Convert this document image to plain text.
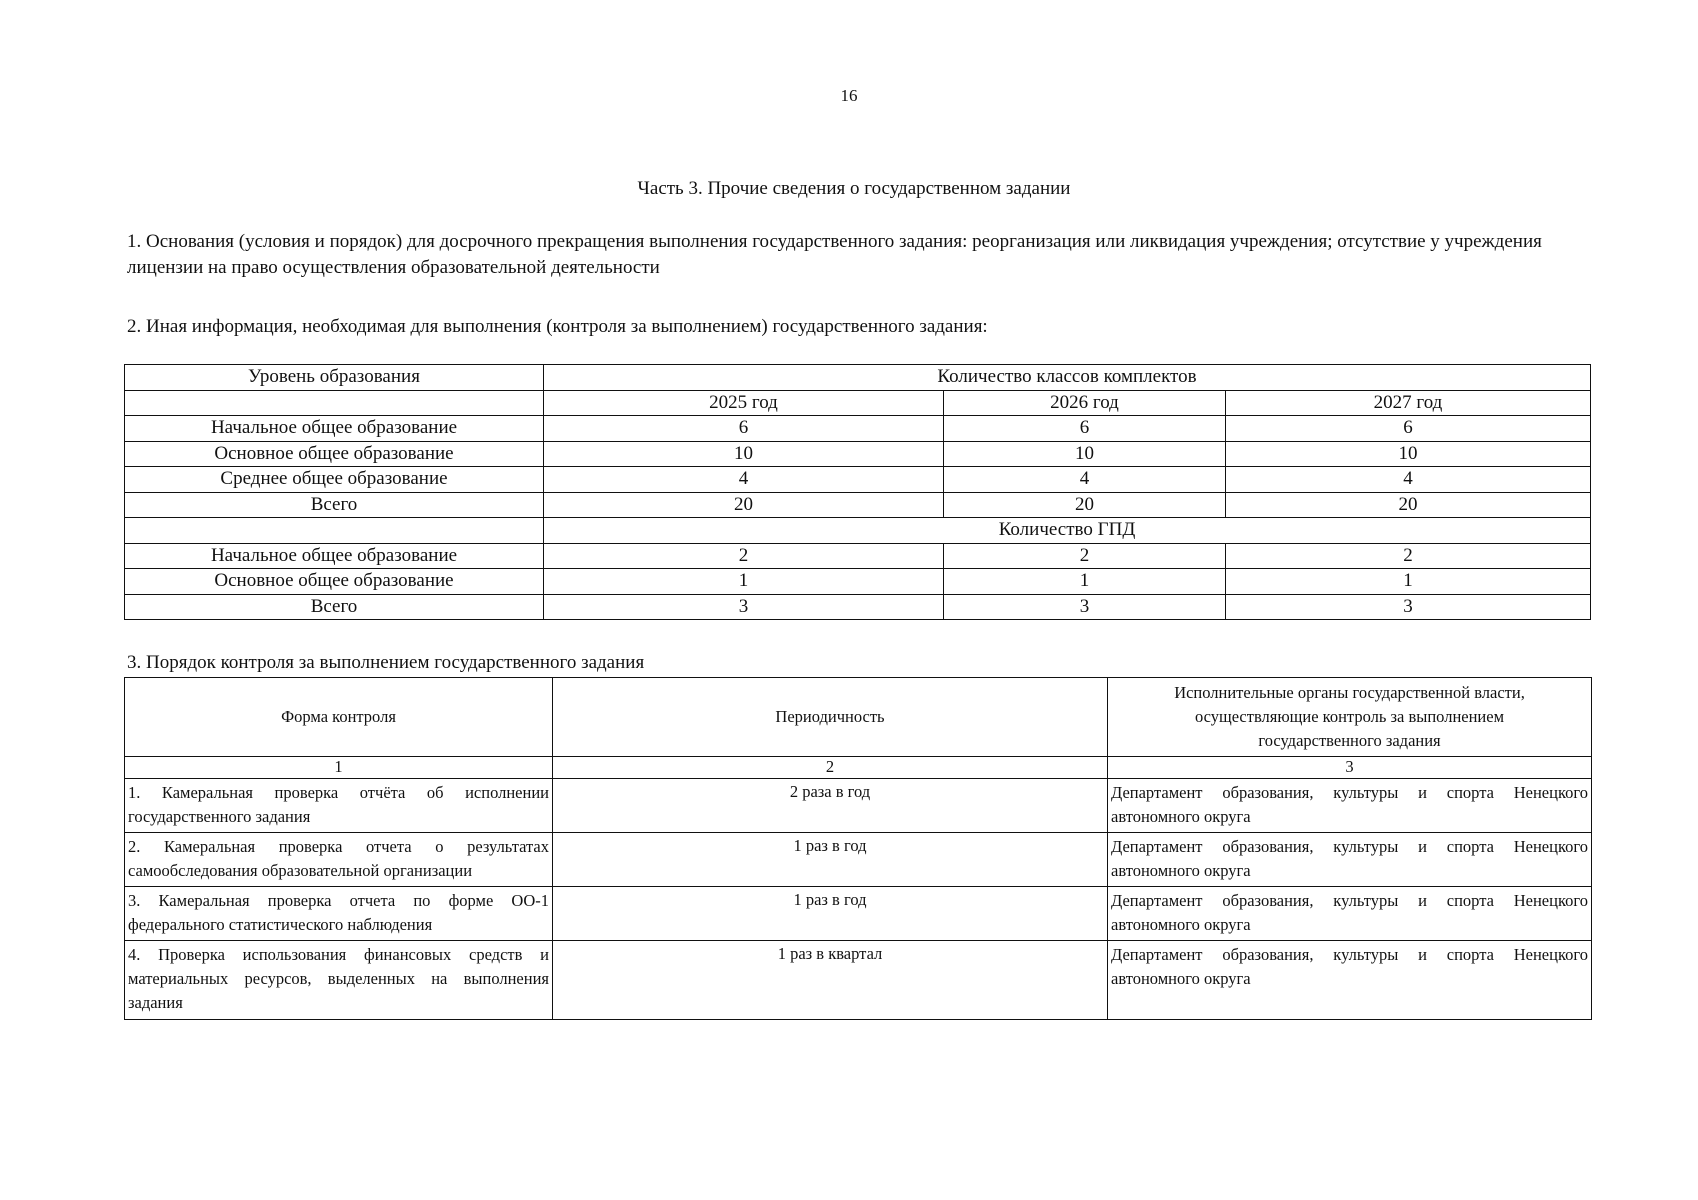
16
Часть 3. Прочие сведения о государственном задании
1. Основания (условия и порядок) для досрочного прекращения выполнения государственного задания: реорганизация или ликвидация учреждения; отсутствие у учреждения лицензии на право осуществления образовательной деятельности
2. Иная информация, необходимая для выполнения (контроля за выполнением) государственного задания:
Уровень образования	Количество классов комплектов		
	2025 год	2026 год	2027 год
Начальное общее образование	6	6	6
Основное общее образование	10	10	10
Среднее общее образование	4	4	4
Всего	20	20	20
	Количество ГПД		
Начальное общее образование	2	2	2
Основное общее образование	1	1	1
Всего	3	3	3
3. Порядок контроля за выполнением государственного задания
Форма контроля	Периодичность	Исполнительные органы государственной власти, осуществляющие контроль за выполнением государственного задания
1	2	3
1. Камеральная проверка отчёта об исполнении государственного задания	2 раза в год	Департамент образования, культуры и спорта Ненецкого автономного округа
2. Камеральная проверка отчета о результатах самообследования образовательной организации	1 раз в год	Департамент образования, культуры и спорта Ненецкого автономного округа
3. Камеральная проверка отчета по форме ОО-1 федерального статистического наблюдения	1 раз в год	Департамент образования, культуры и спорта Ненецкого автономного округа
4. Проверка использования финансовых средств и материальных ресурсов, выделенных на выполнения задания	1 раз в квартал	Департамент образования, культуры и спорта Ненецкого автономного округа
